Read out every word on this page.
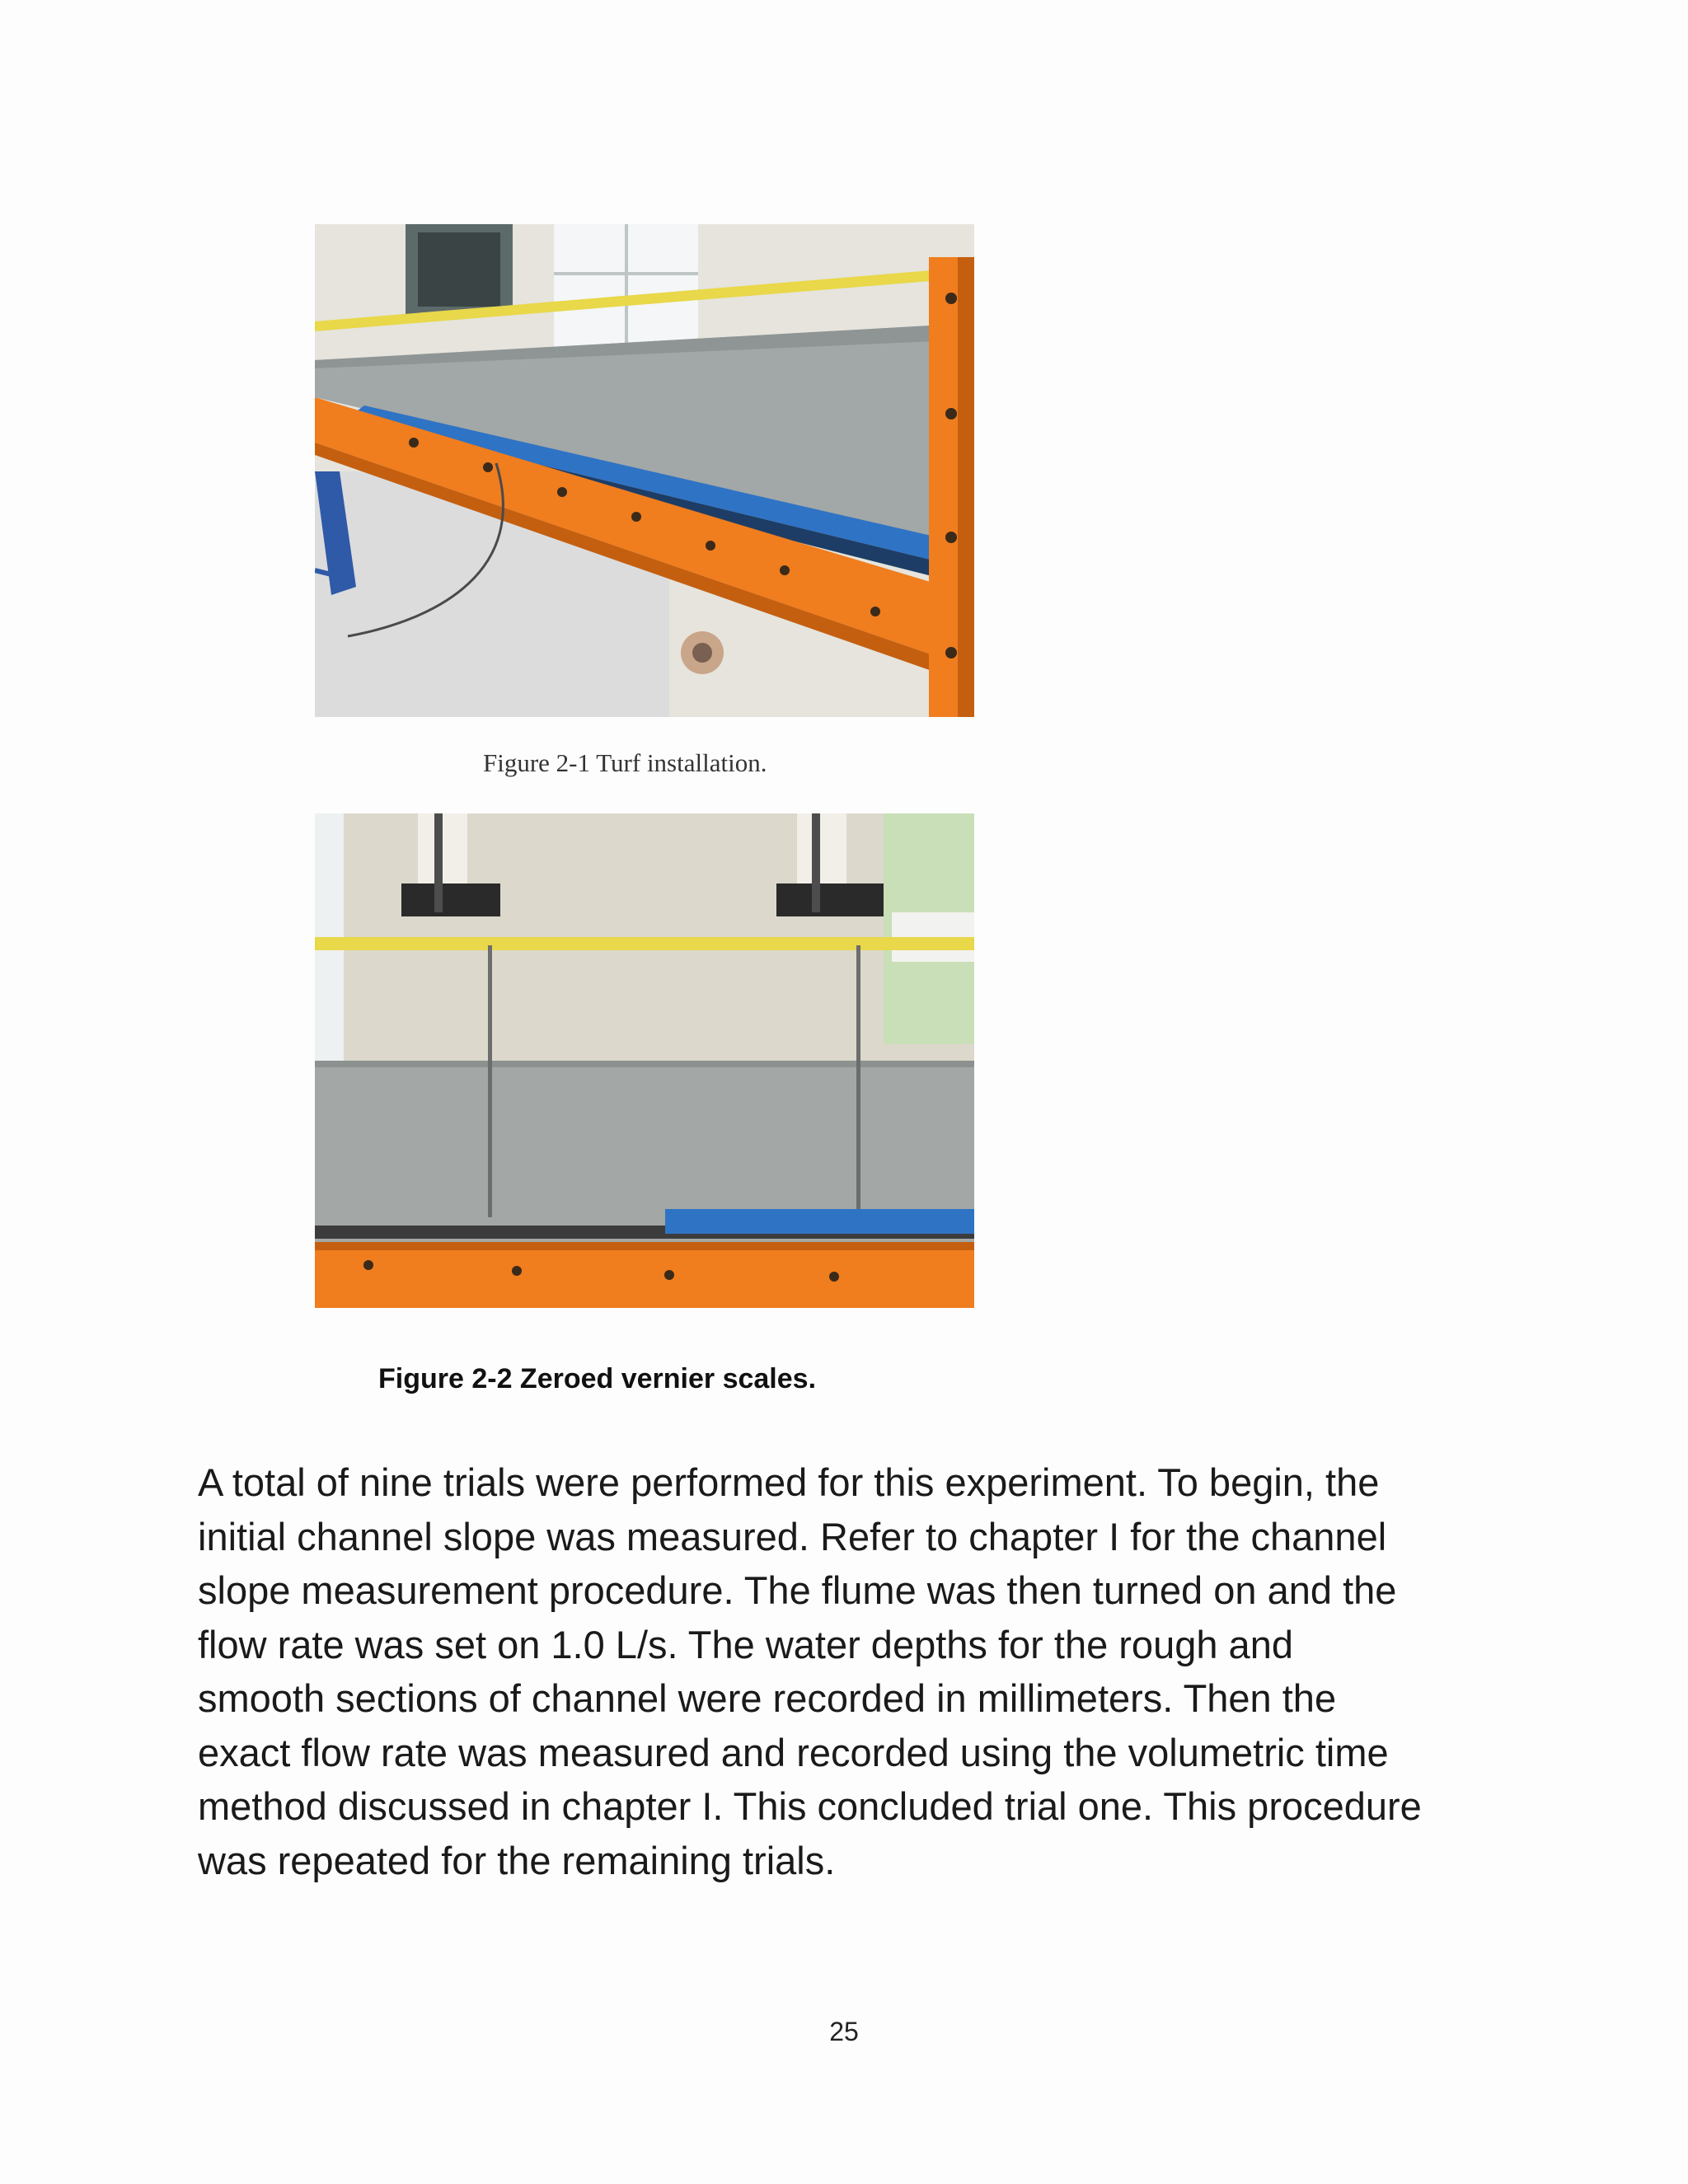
Figure 2-1 Turf installation.
Figure 2-2 Zeroed vernier scales.
A total of nine trials were performed for this experiment. To begin, the
initial channel slope was measured. Refer to chapter I for the channel
slope measurement procedure. The flume was then turned on and the
flow rate was set on 1.0 L/s. The water depths for the rough and
smooth sections of channel were recorded in millimeters. Then the
exact flow rate was measured and recorded using the volumetric time
method discussed in chapter I. This concluded trial one. This procedure
was repeated for the remaining trials.
25
